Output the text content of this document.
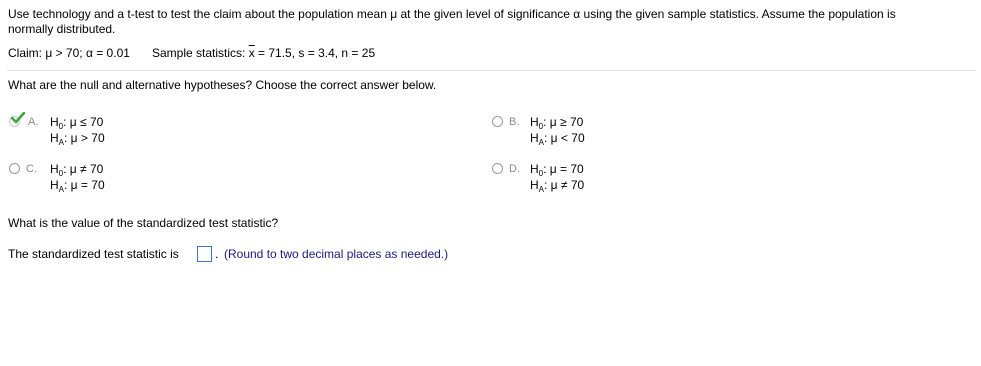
Use technology and a t-test to test the claim about the population mean μ at the given level of significance α using the given sample statistics. Assume the population is
normally distributed.
Claim: μ > 70; α = 0.01 Sample statistics: $\overline{x} = 71.5$, s = 3.4, n = 25
What are the null and alternative hypotheses? Choose the correct answer below.
A. $H_0$: μ ≤ 70
$H_A$: μ > 70
B. $H_0$: μ ≥ 70
$H_A$: μ < 70
C. $H_0$: μ ≠ 70
$H_A$: μ = 70
D. $H_0$: μ = 70
$H_A$: μ ≠ 70
What is the value of the standardized test statistic?
The standardized test statistic is	. (Round to two decimal places as needed.)
